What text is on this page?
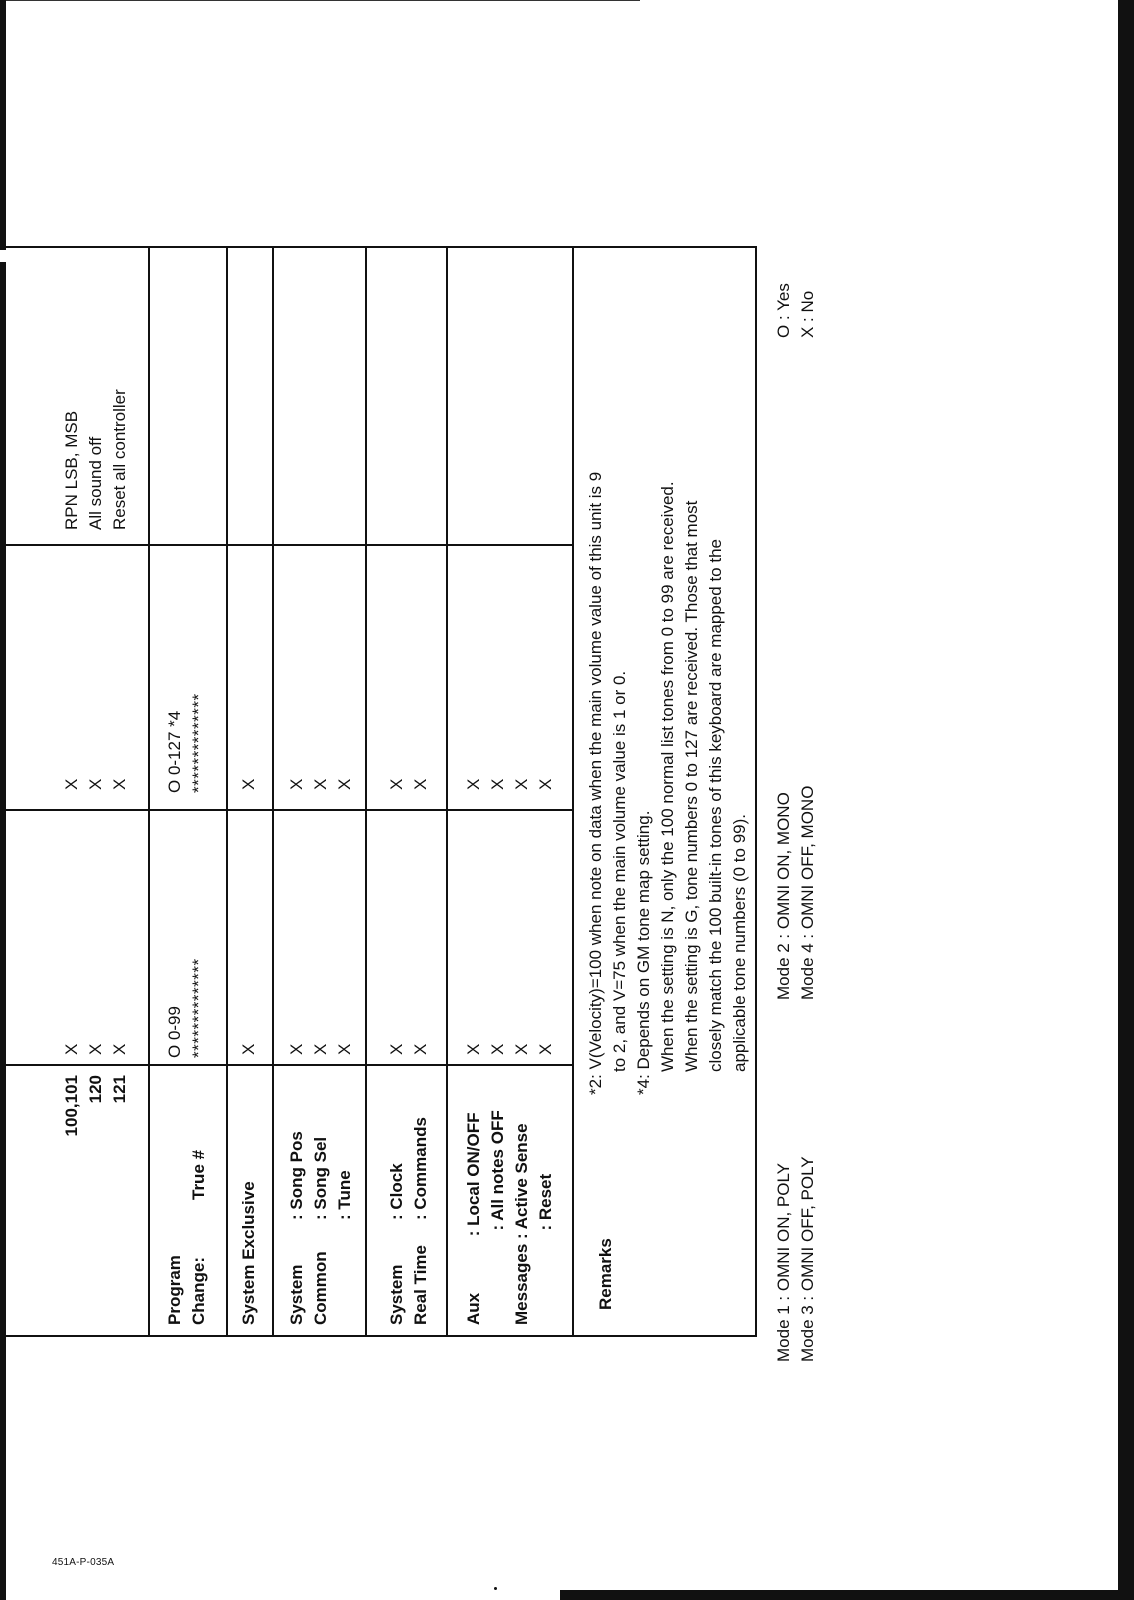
451A-P-035A
100,101 120 121
X X X
X X X
RPN LSB, MSB All sound off Reset all controller
Program Change:
True #
O 0-99 **************
O 0-127 *4 **************
System Exclusive
X
X
System Common
: Song Pos : Song Sel : Tune
X X X
X X X
System Real Time
: Clock : Commands
X X
X X
Aux            : Local ON/OFF : All notes OFF Messages : Active Sense : Reset
X X X X
X X X X
Remarks
*2: V(Velocity)=100 when note on data when the main volume value of this unit is 9 to 2, and V=75 when the main volume value is 1 or 0. *4: Depends on GM tone map setting. When the setting is N, only the 100 normal list tones from 0 to 99 are received. When the setting is G, tone numbers 0 to 127 are received. Those that most closely match the 100 built-in tones of this keyboard are mapped to the applicable tone numbers (0 to 99).
Mode 1 : OMNI ON, POLY Mode 3 : OMNI OFF, POLY
Mode 2 : OMNI ON, MONO Mode 4 : OMNI OFF, MONO
O : Yes X : No
